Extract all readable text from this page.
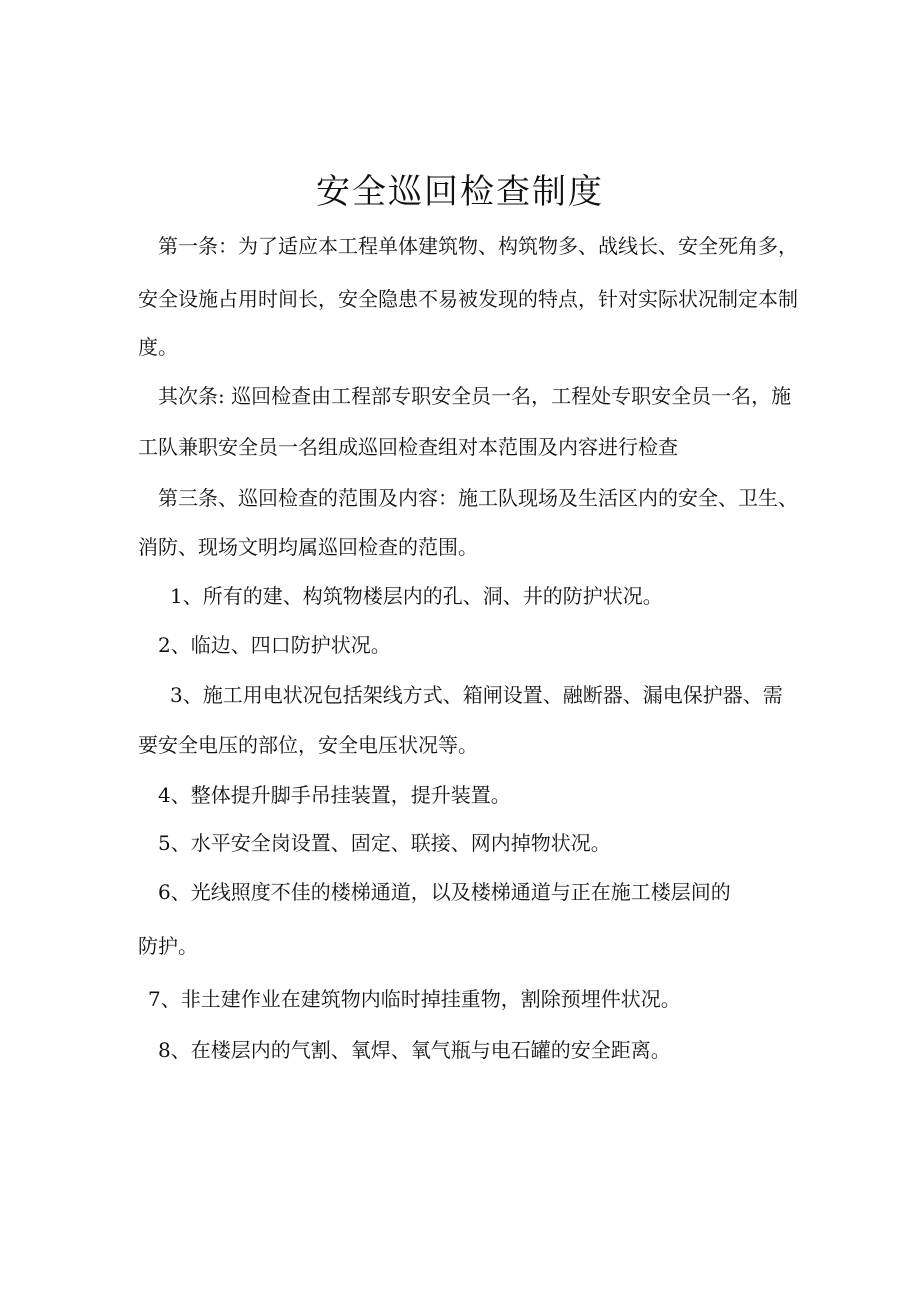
安全巡回检查制度
第一条：为了适应本工程单体建筑物、构筑物多、战线长、安全死角多，
安全设施占用时间长，安全隐患不易被发现的特点，针对实际状况制定本制
度。
其次条: 巡回检查由工程部专职安全员一名，工程处专职安全员一名，施
工队兼职安全员一名组成巡回检查组对本范围及内容进行检查
第三条、巡回检查的范围及内容：施工队现场及生活区内的安全、卫生、
消防、现场文明均属巡回检查的范围。
1、所有的建、构筑物楼层内的孔、洞、井的防护状况。
2、临边、四口防护状况。
3、施工用电状况包括架线方式、箱闸设置、融断器、漏电保护器、需
要安全电压的部位，安全电压状况等。
4、整体提升脚手吊挂装置，提升装置。
5、水平安全岗设置、固定、联接、网内掉物状况。
6、光线照度不佳的楼梯通道，以及楼梯通道与正在施工楼层间的
防护。
7、非土建作业在建筑物内临时掉挂重物，割除预埋件状况。
8、在楼层内的气割、氧焊、氧气瓶与电石罐的安全距离。
